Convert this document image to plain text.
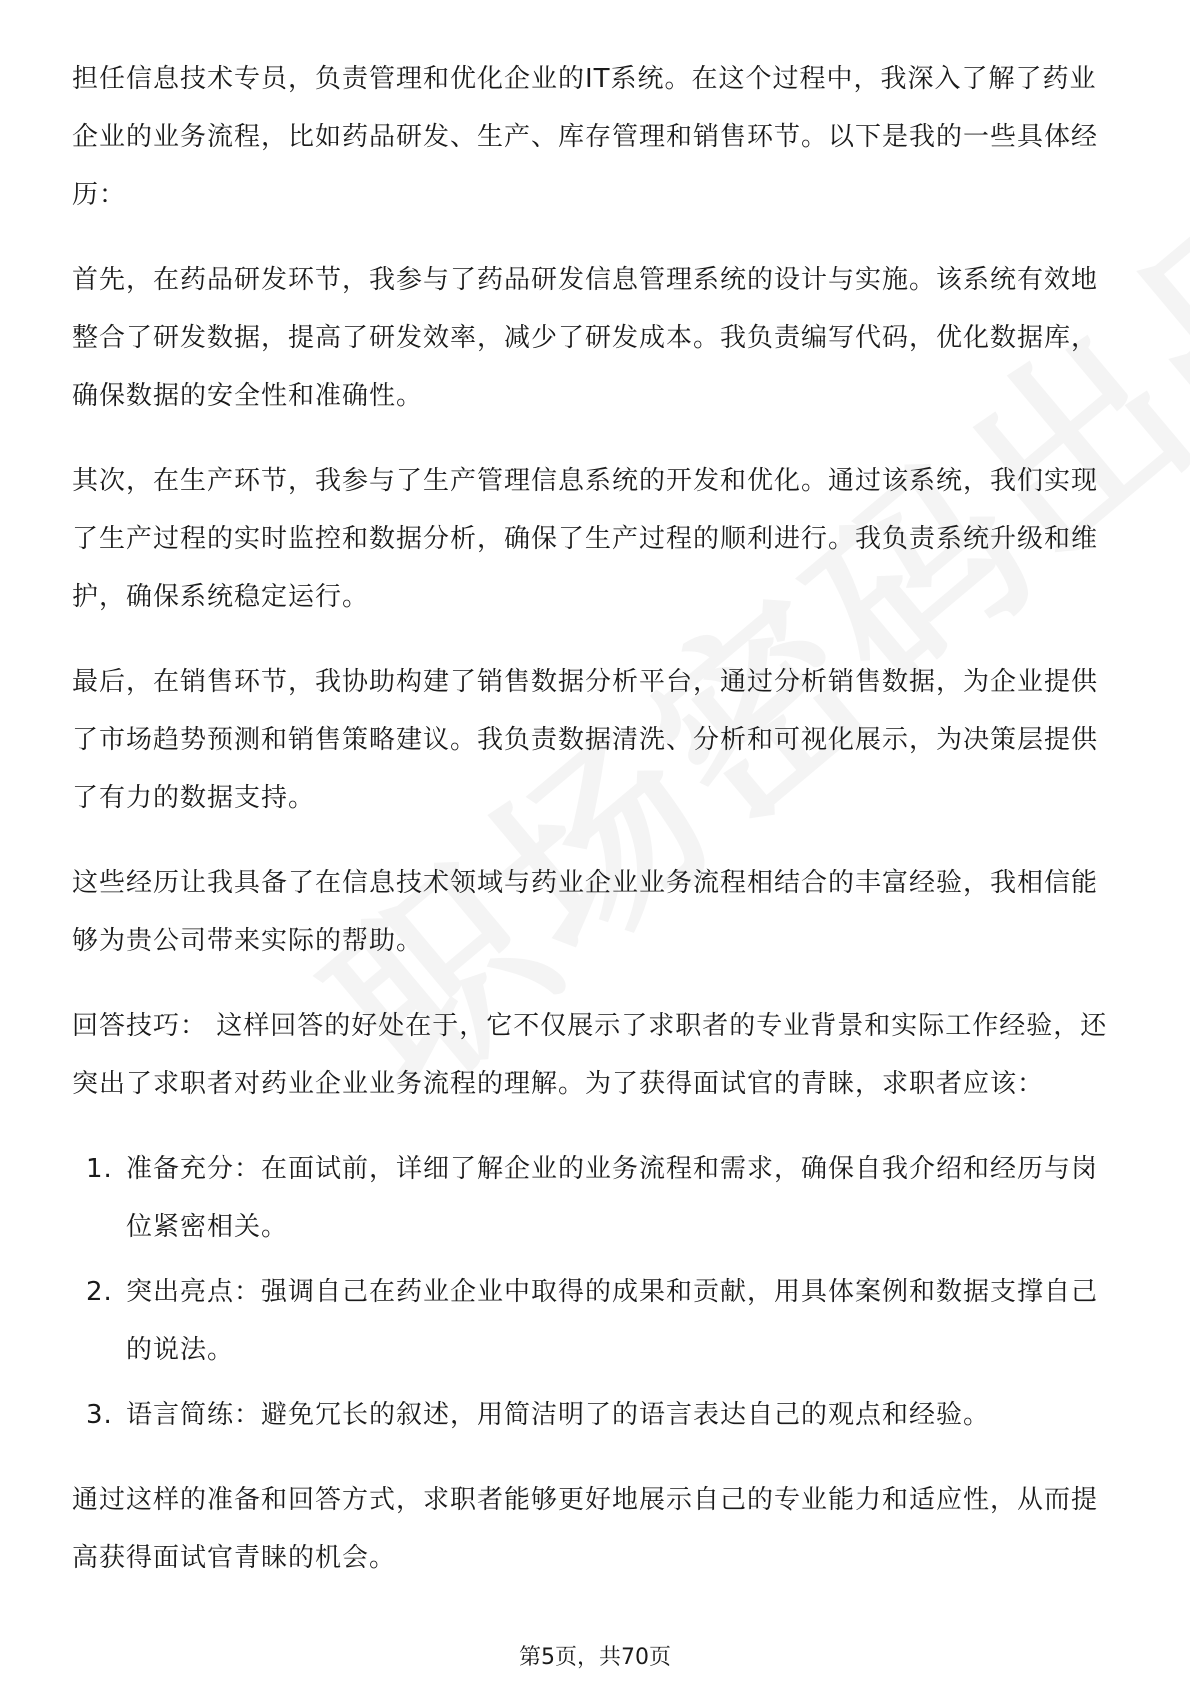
担任信息技术专员，负责管理和优化企业的IT系统。在这个过程中，我深入了解了药业企业的业务流程，比如药品研发、生产、库存管理和销售环节。以下是我的一些具体经历：

首先，在药品研发环节，我参与了药品研发信息管理系统的设计与实施。该系统有效地整合了研发数据，提高了研发效率，减少了研发成本。我负责编写代码，优化数据库，确保数据的安全性和准确性。

其次，在生产环节，我参与了生产管理信息系统的开发和优化。通过该系统，我们实现了生产过程的实时监控和数据分析，确保了生产过程的顺利进行。我负责系统升级和维护，确保系统稳定运行。

最后，在销售环节，我协助构建了销售数据分析平台，通过分析销售数据，为企业提供了市场趋势预测和销售策略建议。我负责数据清洗、分析和可视化展示，为决策层提供了有力的数据支持。

这些经历让我具备了在信息技术领域与药业企业业务流程相结合的丰富经验，我相信能够为贵公司带来实际的帮助。

回答技巧： 这样回答的好处在于，它不仅展示了求职者的专业背景和实际工作经验，还突出了求职者对药业企业业务流程的理解。为了获得面试官的青睐，求职者应该：

1. 准备充分：在面试前，详细了解企业的业务流程和需求，确保自我介绍和经历与岗位紧密相关。
2. 突出亮点：强调自己在药业企业中取得的成果和贡献，用具体案例和数据支撑自己的说法。
3. 语言简练：避免冗长的叙述，用简洁明了的语言表达自己的观点和经验。

通过这样的准备和回答方式，求职者能够更好地展示自己的专业能力和适应性，从而提高获得面试官青睐的机会。

第5页，共70页
